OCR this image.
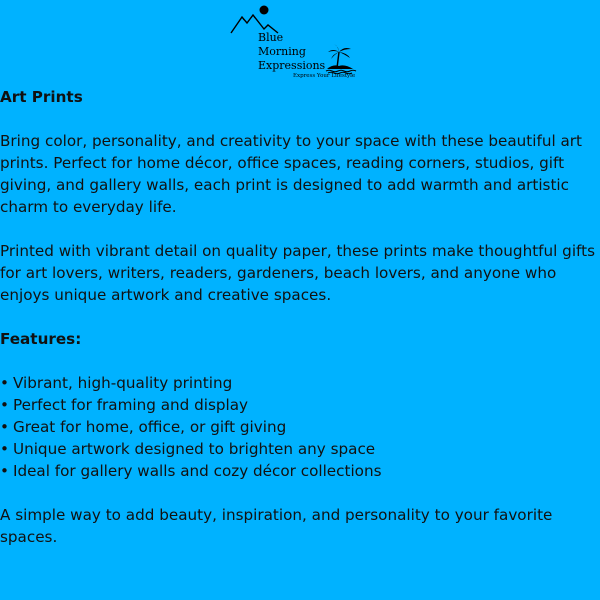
Blue
Morning
Expressions
Express Your Lifestyle

Art Prints

Bring color, personality, and creativity to your space with these beautiful art prints. Perfect for home décor, office spaces, reading corners, studios, gift giving, and gallery walls, each print is designed to add warmth and artistic charm to everyday life.

Printed with vibrant detail on quality paper, these prints make thoughtful gifts for art lovers, writers, readers, gardeners, beach lovers, and anyone who enjoys unique artwork and creative spaces.

Features:

• Vibrant, high-quality printing
• Perfect for framing and display
• Great for home, office, or gift giving
• Unique artwork designed to brighten any space
• Ideal for gallery walls and cozy décor collections

A simple way to add beauty, inspiration, and personality to your favorite spaces.
